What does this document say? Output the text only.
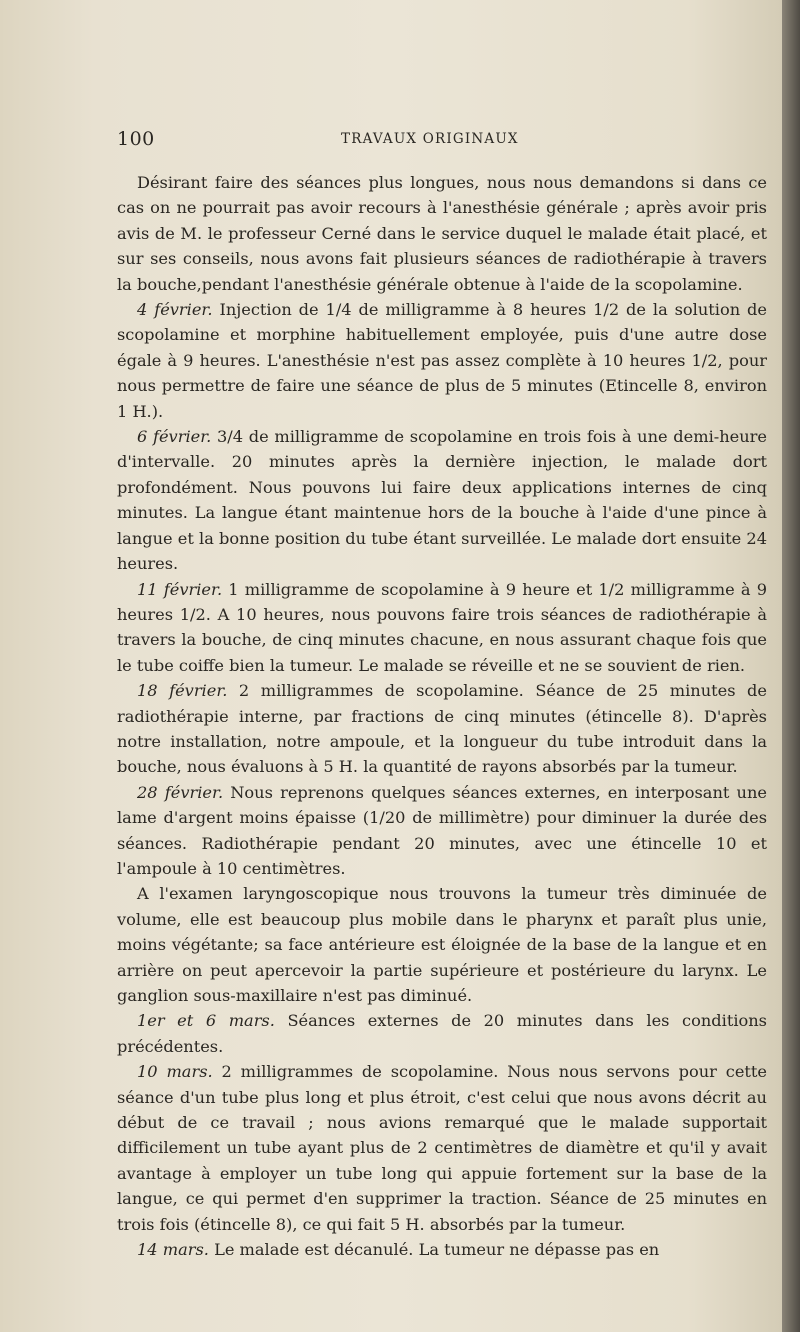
100	TRAVAUX ORIGINAUX

Désirant faire des séances plus longues, nous nous demandons si dans ce cas on ne pourrait pas avoir recours à l'anesthésie générale ; après avoir pris avis de M. le professeur Cerné dans le service duquel le malade était placé, et sur ses conseils, nous avons fait plusieurs séances de radiothérapie à travers la bouche,pendant l'anesthésie générale obtenue à l'aide de la scopolamine.

4 février. Injection de 1/4 de milligramme à 8 heures 1/2 de la solution de scopolamine et morphine habituellement employée, puis d'une autre dose égale à 9 heures. L'anesthésie n'est pas assez complète à 10 heures 1/2, pour nous permettre de faire une séance de plus de 5 minutes (Etincelle 8, environ 1 H.).

6 février. 3/4 de milligramme de scopolamine en trois fois à une demi-heure d'intervalle. 20 minutes après la dernière injection, le malade dort profondément. Nous pouvons lui faire deux applications internes de cinq minutes. La langue étant maintenue hors de la bouche à l'aide d'une pince à langue et la bonne position du tube étant surveillée. Le malade dort ensuite 24 heures.

11 février. 1 milligramme de scopolamine à 9 heure et 1/2 milligramme à 9 heures 1/2. A 10 heures, nous pouvons faire trois séances de radiothérapie à travers la bouche, de cinq minutes chacune, en nous assurant chaque fois que le tube coiffe bien la tumeur. Le malade se réveille et ne se souvient de rien.

18 février. 2 milligrammes de scopolamine. Séance de 25 minutes de radiothérapie interne, par fractions de cinq minutes (étincelle 8). D'après notre installation, notre ampoule, et la longueur du tube introduit dans la bouche, nous évaluons à 5 H. la quantité de rayons absorbés par la tumeur.

28 février. Nous reprenons quelques séances externes, en interposant une lame d'argent moins épaisse (1/20 de millimètre) pour diminuer la durée des séances. Radiothérapie pendant 20 minutes, avec une étincelle 10 et l'ampoule à 10 centimètres.

A l'examen laryngoscopique nous trouvons la tumeur très diminuée de volume, elle est beaucoup plus mobile dans le pharynx et paraît plus unie, moins végétante; sa face antérieure est éloignée de la base de la langue et en arrière on peut apercevoir la partie supérieure et postérieure du larynx. Le ganglion sous-maxillaire n'est pas diminué.

1er et 6 mars. Séances externes de 20 minutes dans les conditions précédentes.

10 mars. 2 milligrammes de scopolamine. Nous nous servons pour cette séance d'un tube plus long et plus étroit, c'est celui que nous avons décrit au début de ce travail ; nous avions remarqué que le malade supportait difficilement un tube ayant plus de 2 centimètres de diamètre et qu'il y avait avantage à employer un tube long qui appuie fortement sur la base de la langue, ce qui permet d'en supprimer la traction. Séance de 25 minutes en trois fois (étincelle 8), ce qui fait 5 H. absorbés par la tumeur.

14 mars. Le malade est décanulé. La tumeur ne dépasse pas en
